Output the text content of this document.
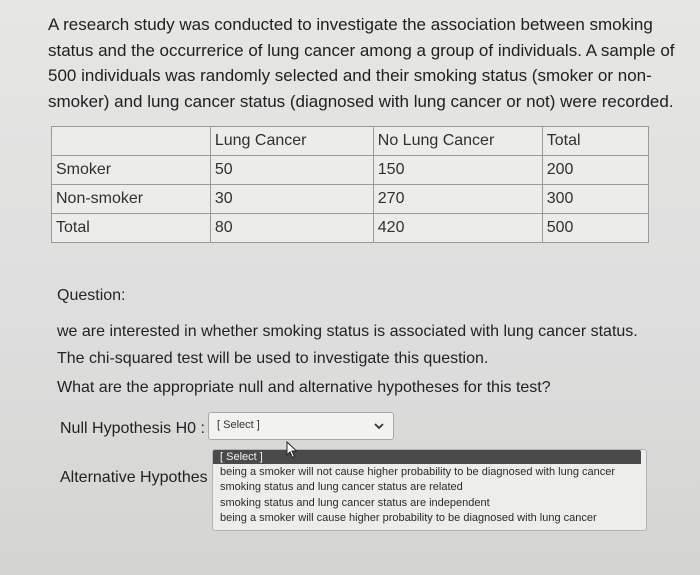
A research study was conducted to investigate the association between smoking status and the occurrerice of lung cancer among a group of individuals. A sample of 500 individuals was randomly selected and their smoking status (smoker or non-smoker) and lung cancer status (diagnosed with lung cancer or not) were recorded.
	Lung Cancer	No Lung Cancer	Total
Smoker	50	150	200
Non-smoker	30	270	300
Total	80	420	500
Question:
we are interested in whether smoking status is associated with lung cancer status. The chi-squared test will be used to investigate this question.
What are the appropriate null and alternative hypotheses for this test?
Null Hypothesis H0 : [ Select ]
Alternative Hypothes
[ Select ]
being a smoker will not cause higher probability to be diagnosed with lung cancer
smoking status and lung cancer status are related
smoking status and lung cancer status are independent
being a smoker will cause higher probability to be diagnosed with lung cancer
